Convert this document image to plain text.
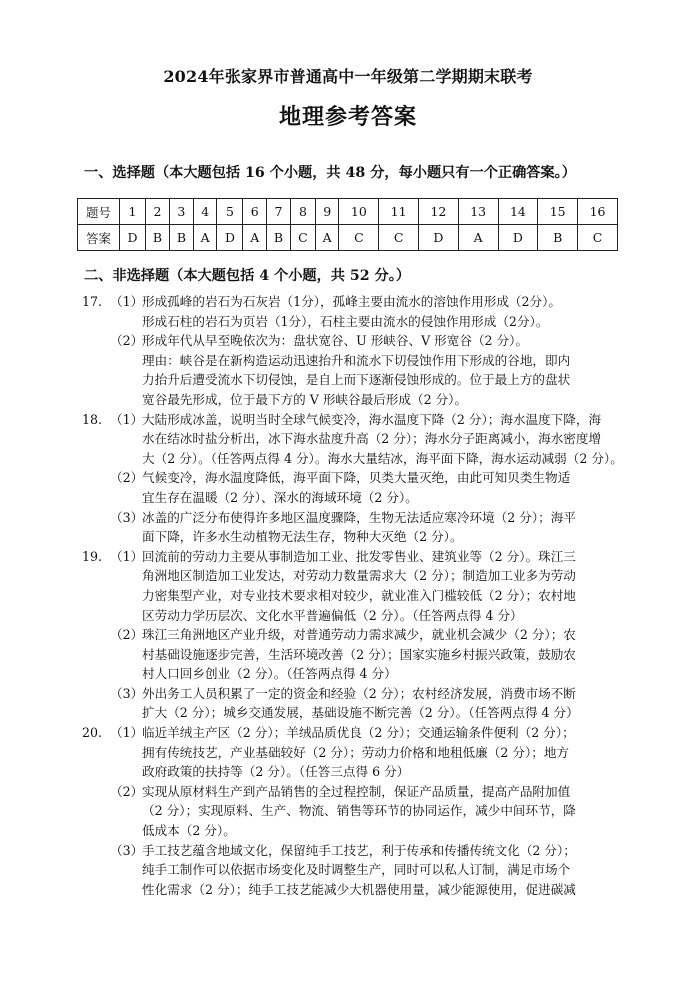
2024年张家界市普通高中一年级第二学期期末联考
地理参考答案
一、选择题（本大题包括 16 个小题，共 48 分，每小题只有一个正确答案。）
题号	1	2	3	4	5	6	7	8	9	10	11	12	13	14	15	16
答案	D	B	B	A	D	A	B	C	A	C	C	D	A	D	B	C
二、非选择题（本大题包括 4 个小题，共 52 分。）
17. （1）
形成孤峰的岩石为石灰岩（1分），孤峰主要由流水的溶蚀作用形成（2分）。
形成石柱的岩石为页岩（1分），石柱主要由流水的侵蚀作用形成（2分）。
（2）
形成年代从早至晚依次为：盘状宽谷、U 形峡谷、V 形宽谷（2 分）。
理由：峡谷是在新构造运动迅速抬升和流水下切侵蚀作用下形成的谷地，即内
力抬升后遭受流水下切侵蚀，是自上而下逐渐侵蚀形成的。位于最上方的盘状
宽谷最先形成，位于最下方的 V 形峡谷最后形成（2 分）。
18. （1）
大陆形成冰盖，说明当时全球气候变冷，海水温度下降（2 分）；海水温度下降，海
水在结冰时盐分析出，冰下海水盐度升高（2 分）；海水分子距离减小，海水密度增
大（2 分）。（任答两点得 4 分）。海水大量结冰，海平面下降，海水运动减弱（2 分）。
（2）
气候变冷，海水温度降低，海平面下降，贝类大量灭绝，由此可知贝类生物适
宜生存在温暖（2 分）、深水的海域环境（2 分）。
（3）
冰盖的广泛分布使得许多地区温度骤降，生物无法适应寒冷环境（2 分）；海平
面下降，许多水生动植物无法生存，物种大灭绝（2 分）。
19. （1）
回流前的劳动力主要从事制造加工业、批发零售业、建筑业等（2 分）。珠江三
角洲地区制造加工业发达，对劳动力数量需求大（2 分）；制造加工业多为劳动
力密集型产业，对专业技术要求相对较少，就业准入门槛较低（2 分）；农村地
区劳动力学历层次、文化水平普遍偏低（2 分）。（任答两点得 4 分）
（2）
珠江三角洲地区产业升级，对普通劳动力需求减少，就业机会减少（2 分）；农
村基础设施逐步完善，生活环境改善（2 分）；国家实施乡村振兴政策，鼓励农
村人口回乡创业（2 分）。（任答两点得 4 分）
（3）
外出务工人员积累了一定的资金和经验（2 分）；农村经济发展，消费市场不断
扩大（2 分）；城乡交通发展，基础设施不断完善（2 分）。（任答两点得 4 分）
20. （1）
临近羊绒主产区（2 分）；羊绒品质优良（2 分）；交通运输条件便利（2 分）；
拥有传统技艺，产业基础较好（2 分）；劳动力价格和地租低廉（2 分）；地方
政府政策的扶持等（2 分）。（任答三点得 6 分）
（2）
实现从原材料生产到产品销售的全过程控制，保证产品质量，提高产品附加值
（2 分）；实现原料、生产、物流、销售等环节的协同运作，减少中间环节，降
低成本（2 分）。
（3）
手工技艺蕴含地域文化，保留纯手工技艺，利于传承和传播传统文化（2 分）；
纯手工制作可以依据市场变化及时调整生产，同时可以私人订制，满足市场个
性化需求（2 分）；纯手工技艺能减少大机器使用量，减少能源使用，促进碳减
